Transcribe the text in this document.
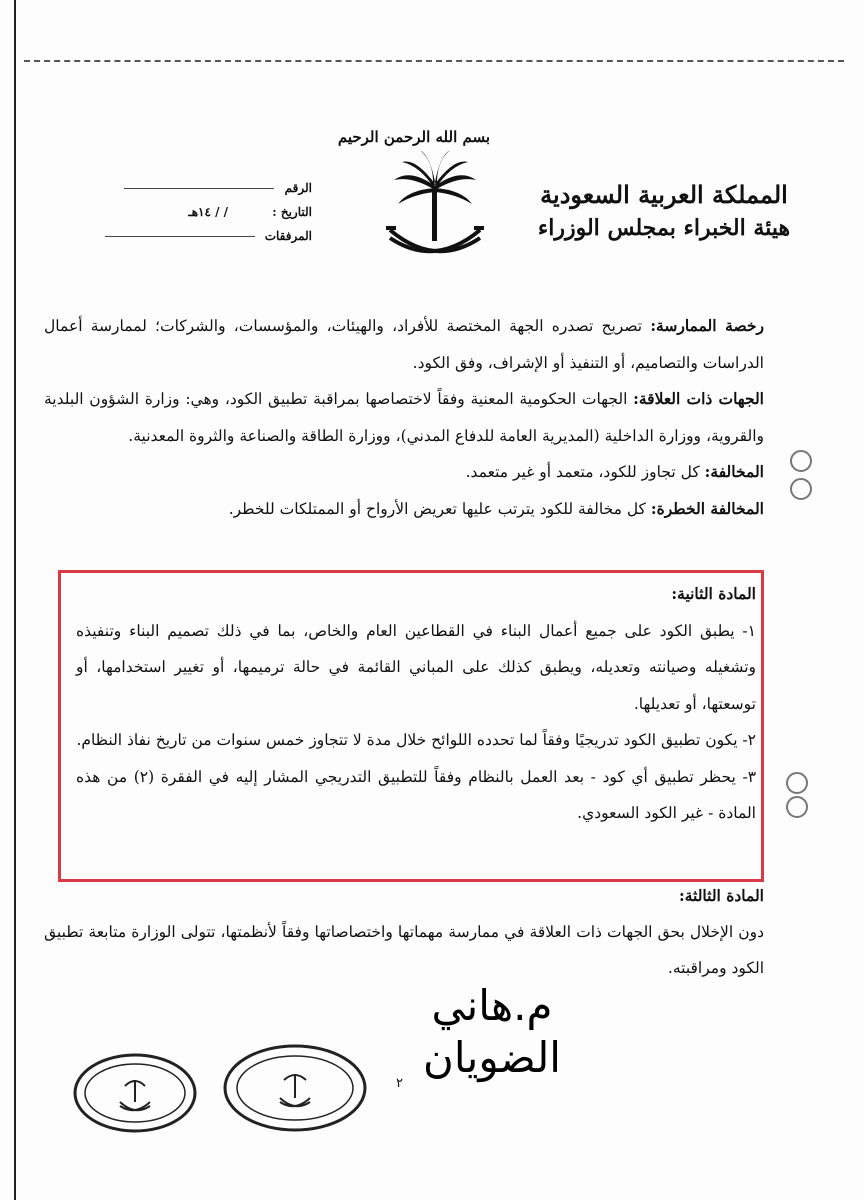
المملكة العربية السعودية
هيئة الخبراء بمجلس الوزراء
بسم الله الرحمن الرحيم
الرقم
التاريخ : / / ١٤هـ
المرفقات

رخصة الممارسة: تصريح تصدره الجهة المختصة للأفراد، والهيئات، والمؤسسات، والشركات؛ لممارسة أعمال الدراسات والتصاميم، أو التنفيذ أو الإشراف، وفق الكود.

الجهات ذات العلاقة: الجهات الحكومية المعنية وفقاً لاختصاصها بمراقبة تطبيق الكود، وهي: وزارة الشؤون البلدية والقروية، ووزارة الداخلية (المديرية العامة للدفاع المدني)، ووزارة الطاقة والصناعة والثروة المعدنية.

المخالفة: كل تجاوز للكود، متعمد أو غير متعمد.

المخالفة الخطرة: كل مخالفة للكود يترتب عليها تعريض الأرواح أو الممتلكات للخطر.

المادة الثانية:

١- يطبق الكود على جميع أعمال البناء في القطاعين العام والخاص، بما في ذلك تصميم البناء وتنفيذه وتشغيله وصيانته وتعديله، ويطبق كذلك على المباني القائمة في حالة ترميمها، أو تغيير استخدامها، أو توسعتها، أو تعديلها.

٢- يكون تطبيق الكود تدريجيًا وفقاً لما تحدده اللوائح خلال مدة لا تتجاوز خمس سنوات من تاريخ نفاذ النظام.

٣- يحظر تطبيق أي كود - بعد العمل بالنظام وفقاً للتطبيق التدريجي المشار إليه في الفقرة (٢) من هذه المادة - غير الكود السعودي.

المادة الثالثة:

دون الإخلال بحق الجهات ذات العلاقة في ممارسة مهماتها واختصاصاتها وفقاً لأنظمتها، تتولى الوزارة متابعة تطبيق الكود ومراقبته.

م.هاني
الضويان
٢
